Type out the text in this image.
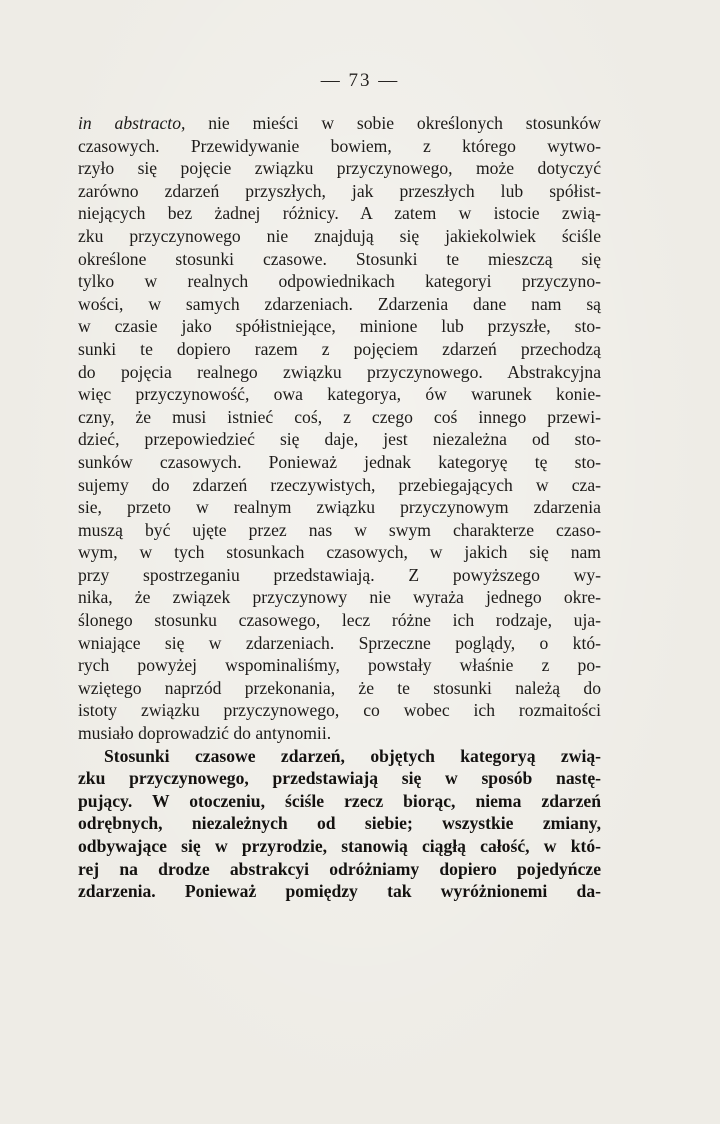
— 73 —
in abstracto, nie mieści w sobie określonych stosunków
czasowych. Przewidywanie bowiem, z którego wytwo-
rzyło się pojęcie związku przyczynowego, może dotyczyć
zarówno zdarzeń przyszłych, jak przeszłych lub spółist-
niejących bez żadnej różnicy. A zatem w istocie zwią-
zku przyczynowego nie znajdują się jakiekolwiek ściśle
określone stosunki czasowe. Stosunki te mieszczą się
tylko w realnych odpowiednikach kategoryi przyczyno-
wości, w samych zdarzeniach. Zdarzenia dane nam są
w czasie jako spółistniejące, minione lub przyszłe, sto-
sunki te dopiero razem z pojęciem zdarzeń przechodzą
do pojęcia realnego związku przyczynowego. Abstrakcyjna
więc przyczynowość, owa kategorya, ów warunek konie-
czny, że musi istnieć coś, z czego coś innego przewi-
dzieć, przepowiedzieć się daje, jest niezależna od sto-
sunków czasowych. Ponieważ jednak kategoryę tę sto-
sujemy do zdarzeń rzeczywistych, przebiegających w cza-
sie, przeto w realnym związku przyczynowym zdarzenia
muszą być ujęte przez nas w swym charakterze czaso-
wym, w tych stosunkach czasowych, w jakich się nam
przy spostrzeganiu przedstawiają. Z powyższego wy-
nika, że związek przyczynowy nie wyraża jednego okre-
ślonego stosunku czasowego, lecz różne ich rodzaje, uja-
wniające się w zdarzeniach. Sprzeczne poglądy, o któ-
rych powyżej wspominaliśmy, powstały właśnie z po-
wziętego naprzód przekonania, że te stosunki należą do
istoty związku przyczynowego, co wobec ich rozmaitości
musiało doprowadzić do antynomii.
Stosunki czasowe zdarzeń, objętych kategoryą zwią-
zku przyczynowego, przedstawiają się w sposób nastę-
pujący. W otoczeniu, ściśle rzecz biorąc, niema zdarzeń
odrębnych, niezależnych od siebie; wszystkie zmiany,
odbywające się w przyrodzie, stanowią ciągłą całość, w któ-
rej na drodze abstrakcyi odróżniamy dopiero pojedyńcze
zdarzenia. Ponieważ pomiędzy tak wyróżnionemi da-
